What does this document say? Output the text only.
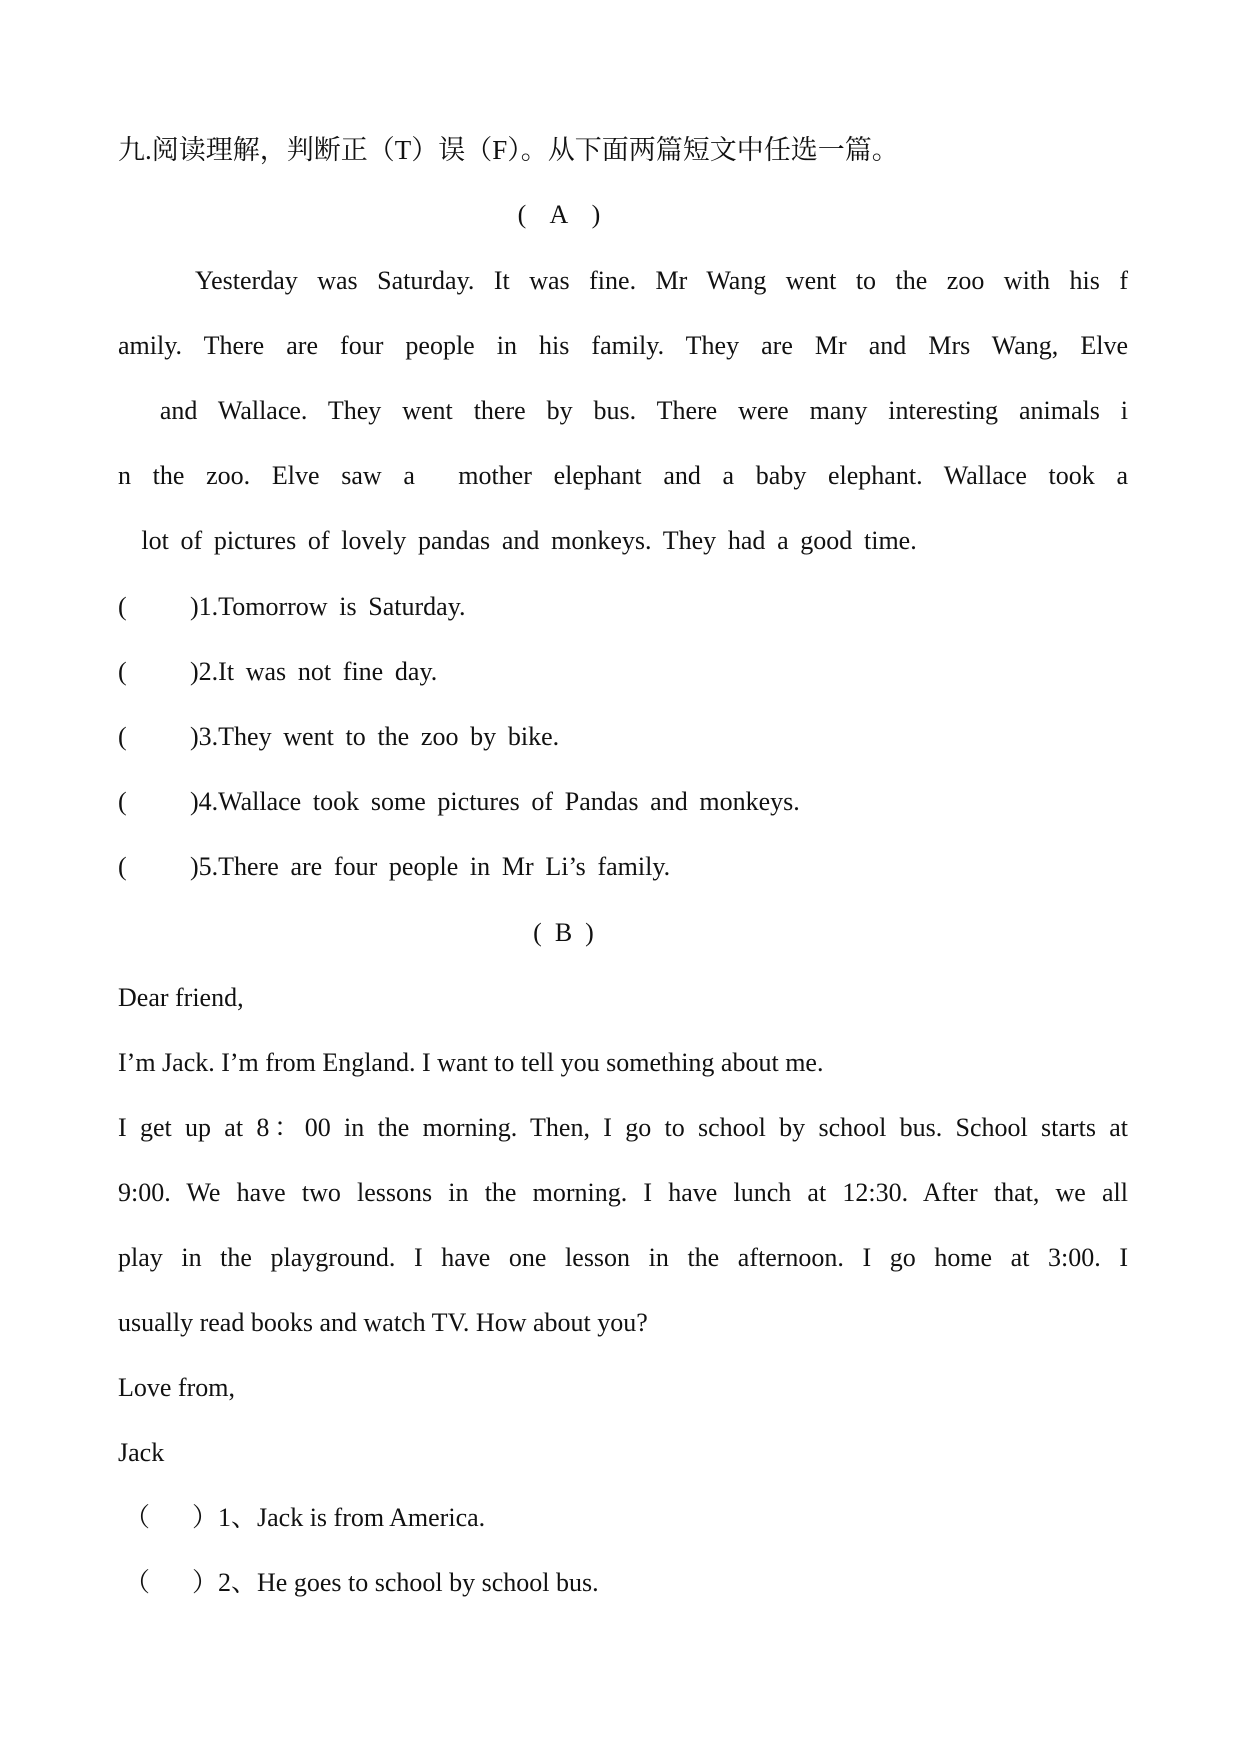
九.阅读理解，判断正（T）误（F）。从下面两篇短文中任选一篇。
( A )
Yesterday was Saturday. It was fine. Mr Wang went to the zoo with his f
amily. There are four people in his family. They are Mr and Mrs Wang, Elve
and Wallace. They went there by bus. There were many interesting animals i
n the zoo. Elve saw a  mother elephant and a baby elephant. Wallace took a
lot of pictures of lovely pandas and monkeys. They had a good time.
( )1.Tomorrow is Saturday.
( )2.It was not fine day.
( )3.They went to the zoo by bike.
( )4.Wallace took some pictures of Pandas and monkeys.
( )5.There are four people in Mr Li’s family.
(  B  )
Dear friend,
I’m Jack. I’m from England. I want to tell you something about me.
I get up at 8：00 in the morning. Then, I go to school by school bus. School starts at
9:00. We have two lessons in the morning. I have lunch at 12:30. After that, we all
play in the playground. I have one lesson in the afternoon. I go home at 3:00. I
usually read books and watch TV. How about you?
Love from,
Jack
（ ）1、Jack is from America.
（ ）2、He goes to school by school bus.
